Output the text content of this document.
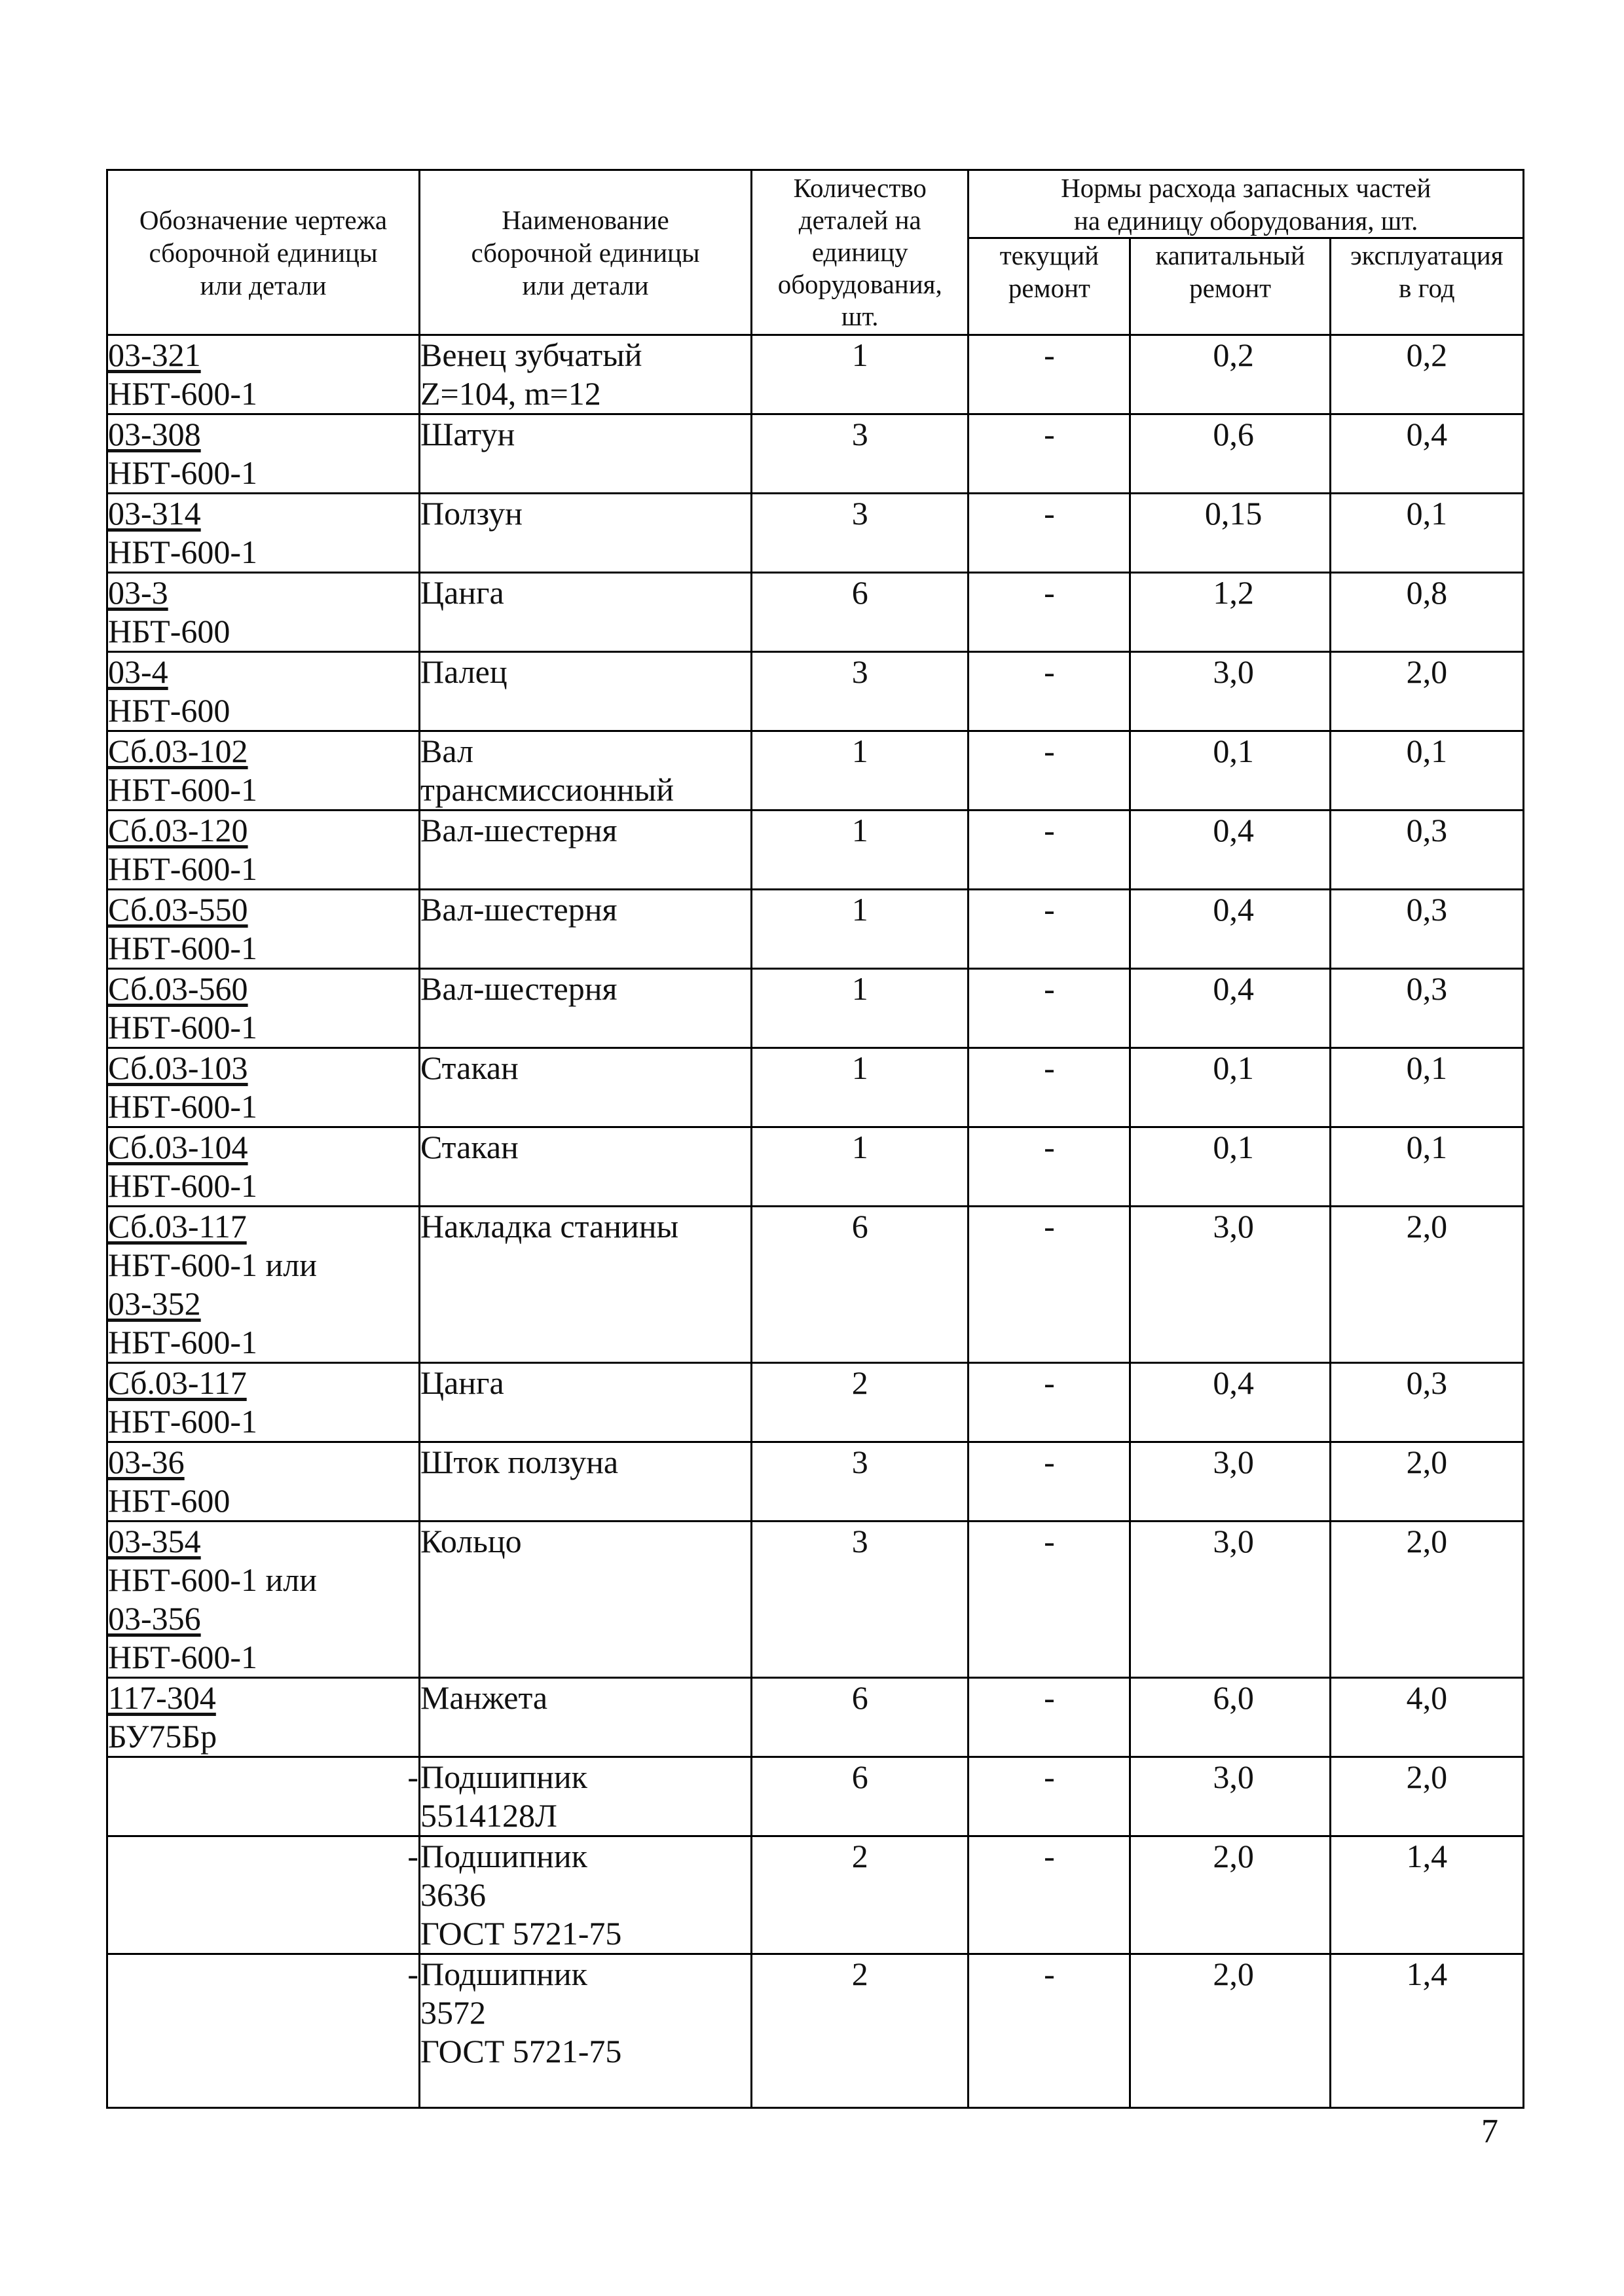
Обозначение чертежа
сборочной единицы
или детали	Наименование
сборочной единицы
или детали	Количество
деталей на
единицу
оборудования,
шт.	Нормы расхода запасных частей
на единицу оборудования, шт.		

			текущий
ремонт	капитальный
ремонт	эксплуатация
в год

03-321
НБТ-600-1	Венец зубчатый
Z=104, m=12	1	-	0,2	0,2

03-308
НБТ-600-1	Шатун	3	-	0,6	0,4

03-314
НБТ-600-1	Ползун	3	-	0,15	0,1

03-3
НБТ-600	Цанга	6	-	1,2	0,8

03-4
НБТ-600	Палец	3	-	3,0	2,0

Сб.03-102
НБТ-600-1	Вал
трансмиссионный	1	-	0,1	0,1

Сб.03-120
НБТ-600-1	Вал-шестерня	1	-	0,4	0,3

Сб.03-550
НБТ-600-1	Вал-шестерня	1	-	0,4	0,3

Сб.03-560
НБТ-600-1	Вал-шестерня	1	-	0,4	0,3

Сб.03-103
НБТ-600-1	Стакан	1	-	0,1	0,1

Сб.03-104
НБТ-600-1	Стакан	1	-	0,1	0,1

Сб.03-117
НБТ-600-1 или
03-352
НБТ-600-1	Накладка станины	6	-	3,0	2,0

Сб.03-117
НБТ-600-1	Цанга	2	-	0,4	0,3

03-36
НБТ-600	Шток ползуна	3	-	3,0	2,0

03-354
НБТ-600-1 или
03-356
НБТ-600-1	Кольцо	3	-	3,0	2,0

117-304
БУ75Бр	Манжета	6	-	6,0	4,0

-	Подшипник
5514128Л	6	-	3,0	2,0

-	Подшипник
3636
ГОСТ 5721-75	2	-	2,0	1,4

-	Подшипник
3572
ГОСТ 5721-75	2	-	2,0	1,4
7
